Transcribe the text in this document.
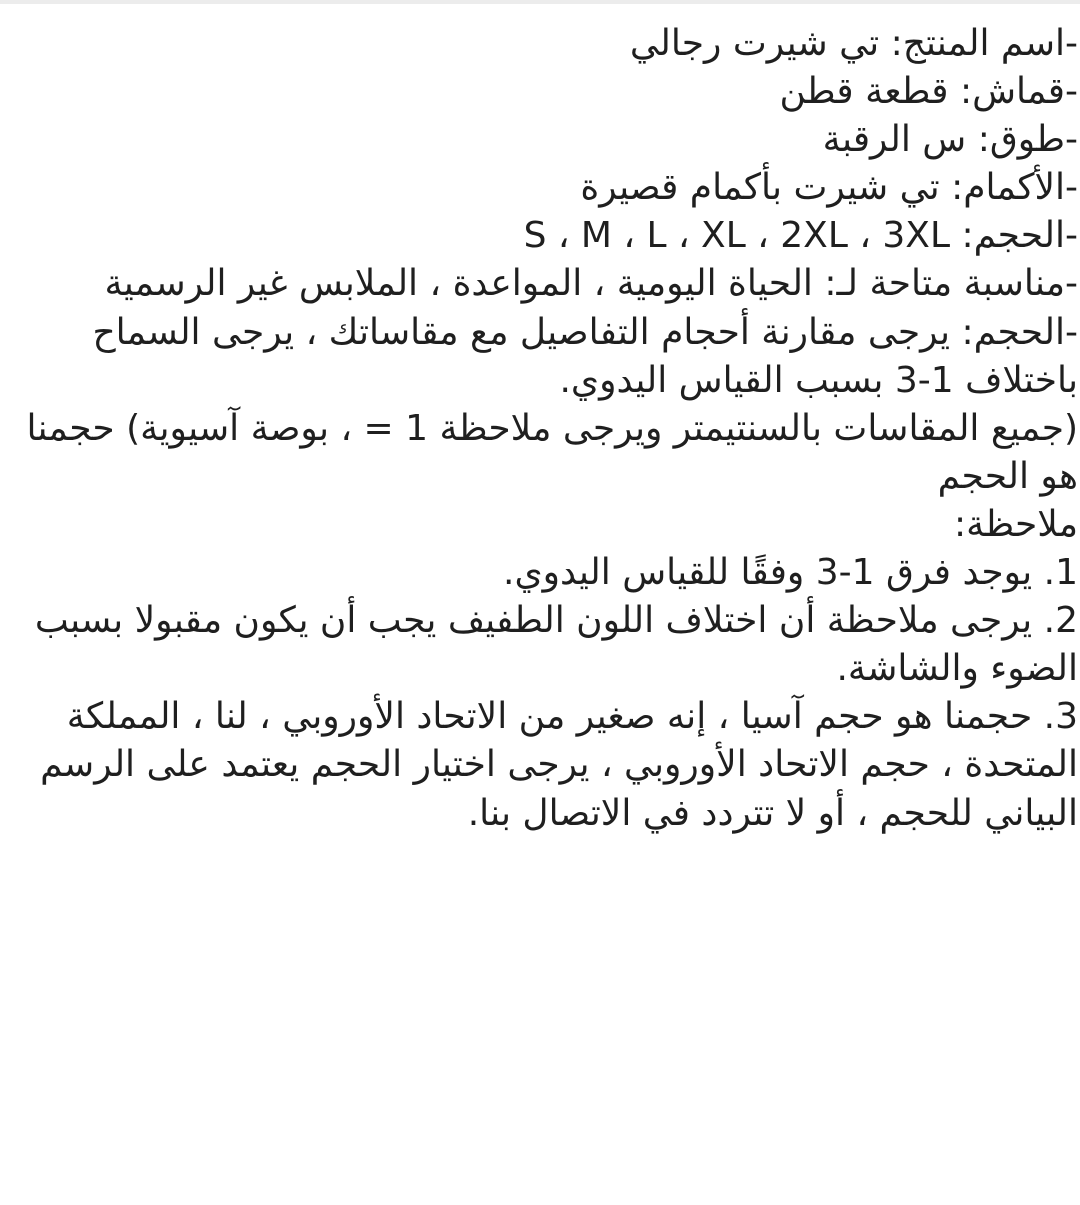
-اسم المنتج: تي شيرت رجالي
-قماش: قطعة قطن
-طوق: س الرقبة
-الأكمام: تي شيرت بأكمام قصيرة
-الحجم: S ، M ، L ، XL ، 2XL ، 3XL
-مناسبة متاحة لـ: الحياة اليومية ، المواعدة ، الملابس غير الرسمية
-الحجم: يرجى مقارنة أحجام التفاصيل مع مقاساتك ، يرجى السماح باختلاف 1-3 بسبب القياس اليدوي.
(جميع المقاسات بالسنتيمتر ويرجى ملاحظة 1 = ، بوصة آسيوية) حجمنا هو الحجم
ملاحظة:
1. يوجد فرق 1-3 وفقًا للقياس اليدوي.
2. يرجى ملاحظة أن اختلاف اللون الطفيف يجب أن يكون مقبولا بسبب الضوء والشاشة.
3. حجمنا هو حجم آسيا ، إنه صغير من الاتحاد الأوروبي ، لنا ، المملكة المتحدة ، حجم الاتحاد الأوروبي ، يرجى اختيار الحجم يعتمد على الرسم البياني للحجم ، أو لا تتردد في الاتصال بنا.
